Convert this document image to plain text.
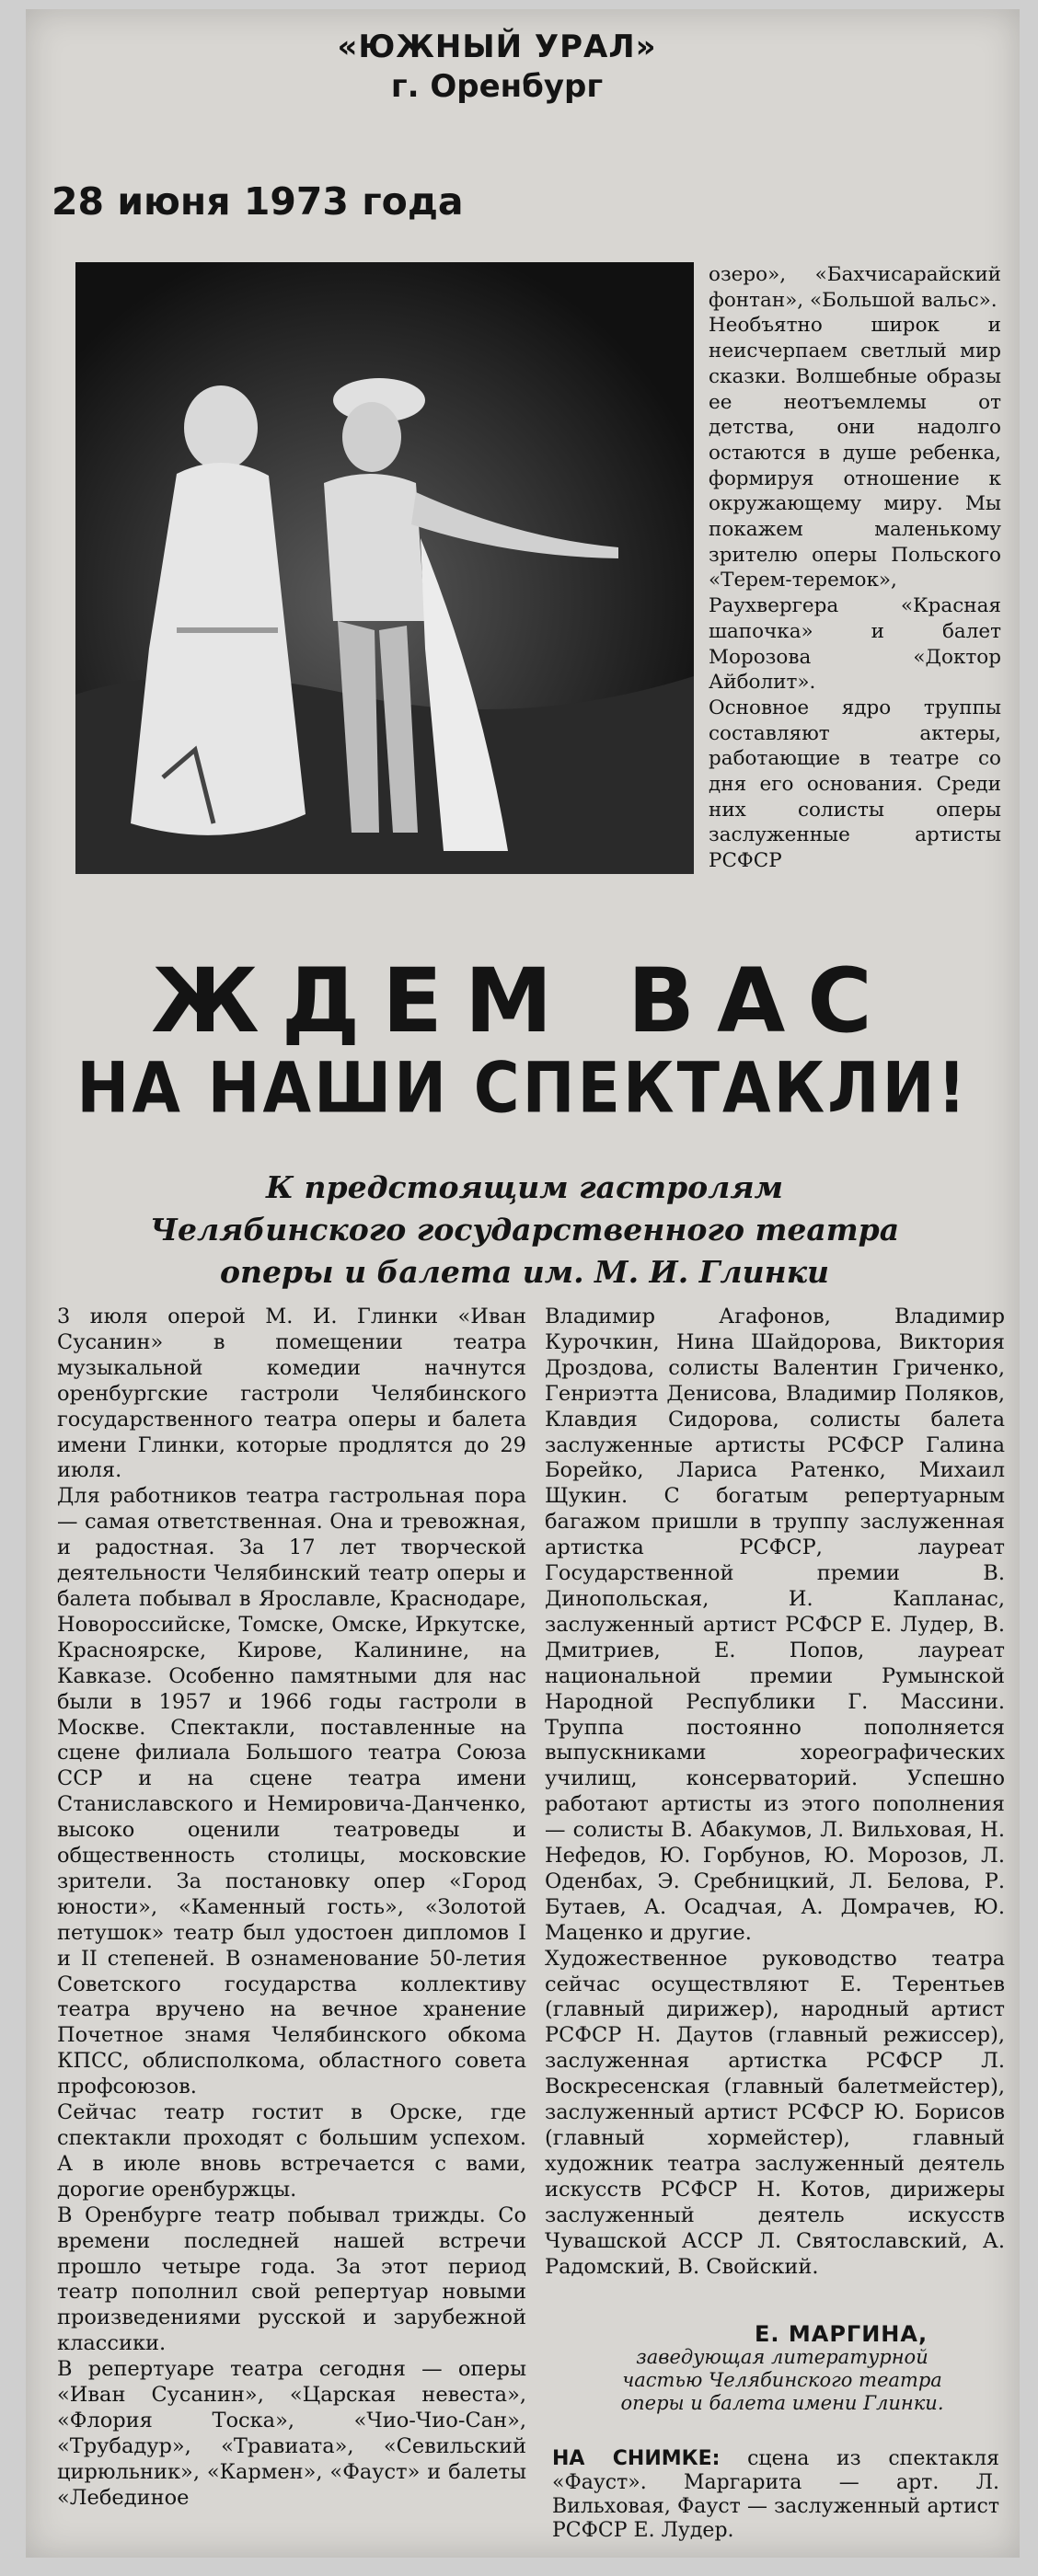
«ЮЖНЫЙ УРАЛ»
г. Оренбург
28 июня 1973 года
озеро», «Бахчисарайский фонтан», «Большой вальс».
Необъятно широк и неисчерпаем светлый мир сказки. Волшебные образы ее неотъемлемы от детства, они надолго остаются в душе ребенка, формируя отношение к окружающему миру. Мы покажем маленькому зрителю оперы Польского «Терем-теремок», Раухвергера «Красная шапочка» и балет Морозова «Доктор Айболит».
Основное ядро труппы составляют актеры, работающие в театре со дня его основания. Среди них солисты оперы заслуженные артисты РСФСР
ЖДЕМ ВАС
НА НАШИ СПЕКТАКЛИ!
К предстоящим гастролям
Челябинского государственного театра
оперы и балета им. М. И. Глинки
3 июля оперой М. И. Глинки «Иван Сусанин» в помещении театра музыкальной комедии начнутся оренбургские гастроли Челябинского государственного театра оперы и балета имени Глинки, которые продлятся до 29 июля.
Для работников театра гастрольная пора — самая ответственная. Она и тревожная, и радостная. За 17 лет творческой деятельности Челябинский театр оперы и балета побывал в Ярославле, Краснодаре, Новороссийске, Томске, Омске, Иркутске, Красноярске, Кирове, Калинине, на Кавказе. Особенно памятными для нас были в 1957 и 1966 годы гастроли в Москве. Спектакли, поставленные на сцене филиала Большого театра Союза ССР и на сцене театра имени Станиславского и Немировича-Данченко, высоко оценили театроведы и общественность столицы, московские зрители. За постановку опер «Город юности», «Каменный гость», «Золотой петушок» театр был удостоен дипломов I и II степеней. В ознаменование 50-летия Советского государства коллективу театра вручено на вечное хранение Почетное знамя Челябинского обкома КПСС, облисполкома, областного совета профсоюзов.
Сейчас театр гостит в Орске, где спектакли проходят с большим успехом. А в июле вновь встречается с вами, дорогие оренбуржцы.
В Оренбурге театр побывал трижды. Со времени последней нашей встречи прошло четыре года. За этот период театр пополнил свой репертуар новыми произведениями русской и зарубежной классики.
В репертуаре театра сегодня — оперы «Иван Сусанин», «Царская невеста», «Флория Тоска», «Чио-Чио-Сан», «Трубадур», «Травиата», «Севильский цирюльник», «Кармен», «Фауст» и балеты «Лебединое
Владимир Агафонов, Владимир Курочкин, Нина Шайдорова, Виктория Дроздова, солисты Валентин Гриченко, Генриэтта Денисова, Владимир Поляков, Клавдия Сидорова, солисты балета заслуженные артисты РСФСР Галина Борейко, Лариса Ратенко, Михаил Щукин. С богатым репертуарным багажом пришли в труппу заслуженная артистка РСФСР, лауреат Государственной премии В. Динопольская, И. Капланас, заслуженный артист РСФСР Е. Лудер, В. Дмитриев, Е. Попов, лауреат национальной премии Румынской Народной Республики Г. Массини. Труппа постоянно пополняется выпускниками хореографических училищ, консерваторий. Успешно работают артисты из этого пополнения — солисты В. Абакумов, Л. Вильховая, Н. Нефедов, Ю. Горбунов, Ю. Морозов, Л. Оденбах, Э. Сребницкий, Л. Белова, Р. Бутаев, А. Осадчая, А. Домрачев, Ю. Маценко и другие.
Художественное руководство театра сейчас осуществляют Е. Терентьев (главный дирижер), народный артист РСФСР Н. Даутов (главный режиссер), заслуженная артистка РСФСР Л. Воскресенская (главный балетмейстер), заслуженный артист РСФСР Ю. Борисов (главный хормейстер), главный художник театра заслуженный деятель искусств РСФСР Н. Котов, дирижеры заслуженный деятель искусств Чувашской АССР Л. Святославский, А. Радомский, В. Свойский.
Е. МАРГИНА,
заведующая литературной
частью Челябинского театра оперы и балета имени Глинки.
НА СНИМКЕ: сцена из спектакля «Фауст». Маргарита — арт. Л. Вильховая, Фауст — заслуженный артист РСФСР Е. Лудер.
